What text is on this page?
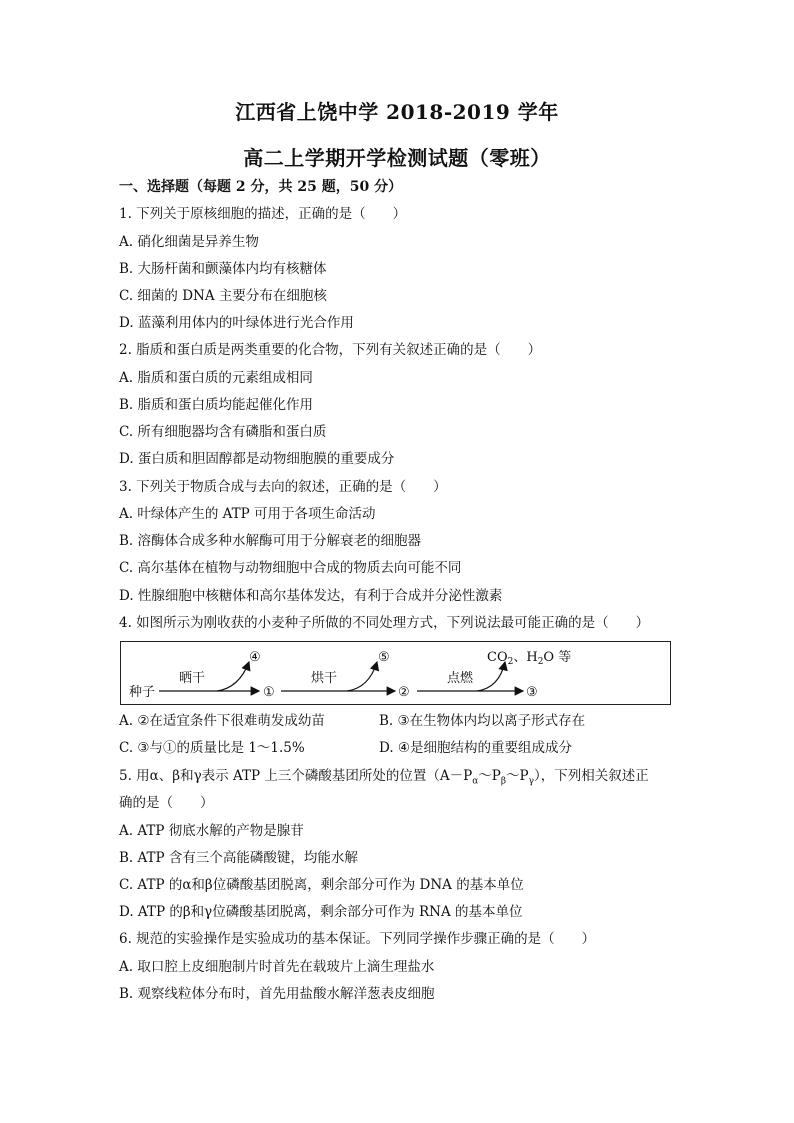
江西省上饶中学 2018-2019 学年
高二上学期开学检测试题（零班）
一、选择题（每题 2 分，共 25 题，50 分）
1. 下列关于原核细胞的描述，正确的是（　　）
A. 硝化细菌是异养生物
B. 大肠杆菌和颤藻体内均有核糖体
C. 细菌的 DNA 主要分布在细胞核
D. 蓝藻利用体内的叶绿体进行光合作用
2. 脂质和蛋白质是两类重要的化合物，下列有关叙述正确的是（　　）
A. 脂质和蛋白质的元素组成相同
B. 脂质和蛋白质均能起催化作用
C. 所有细胞器均含有磷脂和蛋白质
D. 蛋白质和胆固醇都是动物细胞膜的重要成分
3. 下列关于物质合成与去向的叙述，正确的是（　　）
A. 叶绿体产生的 ATP 可用于各项生命活动
B. 溶酶体合成多种水解酶可用于分解衰老的细胞器
C. 高尔基体在植物与动物细胞中合成的物质去向可能不同
D. 性腺细胞中核糖体和高尔基体发达，有利于合成并分泌性激素
4. 如图所示为刚收获的小麦种子所做的不同处理方式，下列说法最可能正确的是（　　）
种子
晒干	烘干	点燃
①	②	③
④	⑤	$CO_2$、$H_2O$ 等
A. ②在适宜条件下很难萌发成幼苗	B. ③在生物体内均以离子形式存在
C. ③与①的质量比是 1～1.5%	D. ④是细胞结构的重要组成成分
5. 用α、β和γ表示 ATP 上三个磷酸基团所处的位置$(A-P_\alpha\sim P_\beta\sim P_\gamma)$，下列相关叙述正
确的是（　　）
A. ATP 彻底水解的产物是腺苷
B. ATP 含有三个高能磷酸键，均能水解
C. ATP 的α和β位磷酸基团脱离，剩余部分可作为 DNA 的基本单位
D. ATP 的β和γ位磷酸基团脱离，剩余部分可作为 RNA 的基本单位
6. 规范的实验操作是实验成功的基本保证。下列同学操作步骤正确的是（　　）
A. 取口腔上皮细胞制片时首先在载玻片上滴生理盐水
B. 观察线粒体分布时，首先用盐酸水解洋葱表皮细胞
